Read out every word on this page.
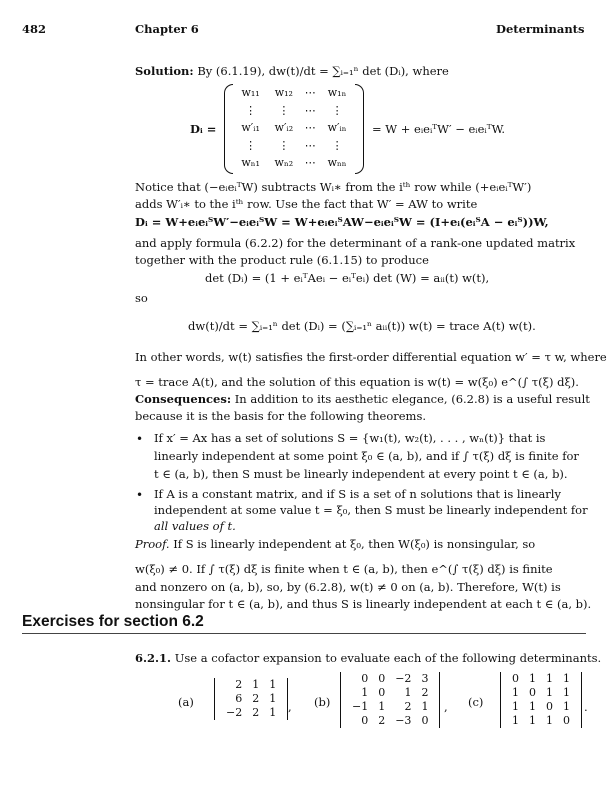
482	Chapter 6	Determinants
Solution: By (6.1.19), dw(t)/dt = ∑ᵢ₌₁ⁿ det (Dᵢ), where
Dᵢ =
w₁₁	w₁₂	⋯	w₁ₙ
⋮	⋮	⋯	⋮
w′ᵢ₁	w′ᵢ₂	⋯	w′ᵢₙ
⋮	⋮	⋯	⋮
wₙ₁	wₙ₂	⋯	wₙₙ
= W + eᵢeᵢᵀW′ − eᵢeᵢᵀW.
Notice that (−eᵢeᵢᵀW) subtracts Wᵢ∗ from the iᵗʰ row while (+eᵢeᵢᵀW′)
adds W′ᵢ∗ to the iᵗʰ row. Use the fact that W′ = AW to write
Dᵢ = W+eᵢeᵢᵀW′−eᵢeᵢᵀW = W+eᵢeᵢᵀAW−eᵢeᵢᵀW = (I+eᵢ(eᵢᵀA − eᵢᵀ))W,
and apply formula (6.2.2) for the determinant of a rank-one updated matrix
together with the product rule (6.1.15) to produce
det (Dᵢ) = (1 + eᵢᵀAeᵢ − eᵢᵀeᵢ) det (W) = aᵢᵢ(t) w(t),
so
dw(t)/dt = ∑ᵢ₌₁ⁿ det (Dᵢ) = (∑ᵢ₌₁ⁿ aᵢᵢ(t)) w(t) = trace A(t) w(t).
In other words, w(t) satisfies the first-order differential equation w′ = τ w, where
τ = trace A(t), and the solution of this equation is w(t) = w(ξ₀) e^(∫ τ(ξ) dξ).
Consequences: In addition to its aesthetic elegance, (6.2.8) is a useful result
because it is the basis for the following theorems.
• If x′ = Ax has a set of solutions S = {w₁(t), w₂(t), . . . , wₙ(t)} that is
linearly independent at some point ξ₀ ∈ (a, b), and if ∫ τ(ξ) dξ is finite for
t ∈ (a, b), then S must be linearly independent at every point t ∈ (a, b).
• If A is a constant matrix, and if S is a set of n solutions that is linearly
independent at some value t = ξ₀, then S must be linearly independent for
all values of t.
Proof. If S is linearly independent at ξ₀, then W(ξ₀) is nonsingular, so
w(ξ₀) ≠ 0. If ∫ τ(ξ) dξ is finite when t ∈ (a, b), then e^(∫ τ(ξ) dξ) is finite
and nonzero on (a, b), so, by (6.2.8), w(t) ≠ 0 on (a, b). Therefore, W(t) is
nonsingular for t ∈ (a, b), and thus S is linearly independent at each t ∈ (a, b).
Exercises for section 6.2
6.2.1. Use a cofactor expansion to evaluate each of the following determinants.
(a)
2	1	1
6	2	1
−2	2	1 , (b)
0	0	−2	3
1	0	1	2
−1	1	2	1
0	2	−3	0
, (c)
0	1	1	1
1	0	1	1
1	1	0	1
1	1	1	0
.
